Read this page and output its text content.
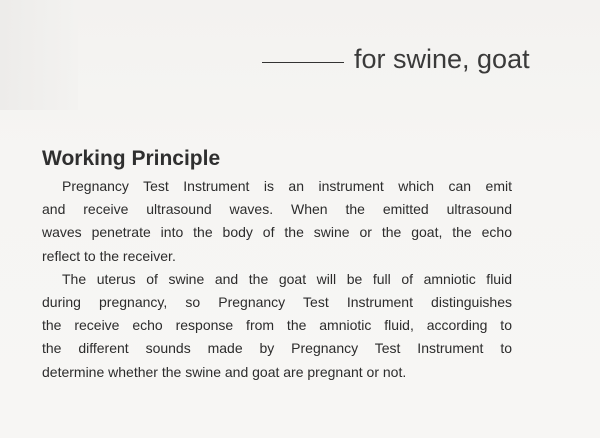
for swine, goat
Working Principle
Pregnancy Test Instrument is an instrument which can emit
and receive ultrasound waves. When the emitted ultrasound
waves penetrate into the body of the swine or the goat, the echo
reflect to the receiver.
The uterus of swine and the goat will be full of amniotic fluid
during pregnancy, so Pregnancy Test Instrument distinguishes
the receive echo response from the amniotic fluid, according to
the different sounds made by Pregnancy Test Instrument to
determine whether the swine and goat are pregnant or not.
